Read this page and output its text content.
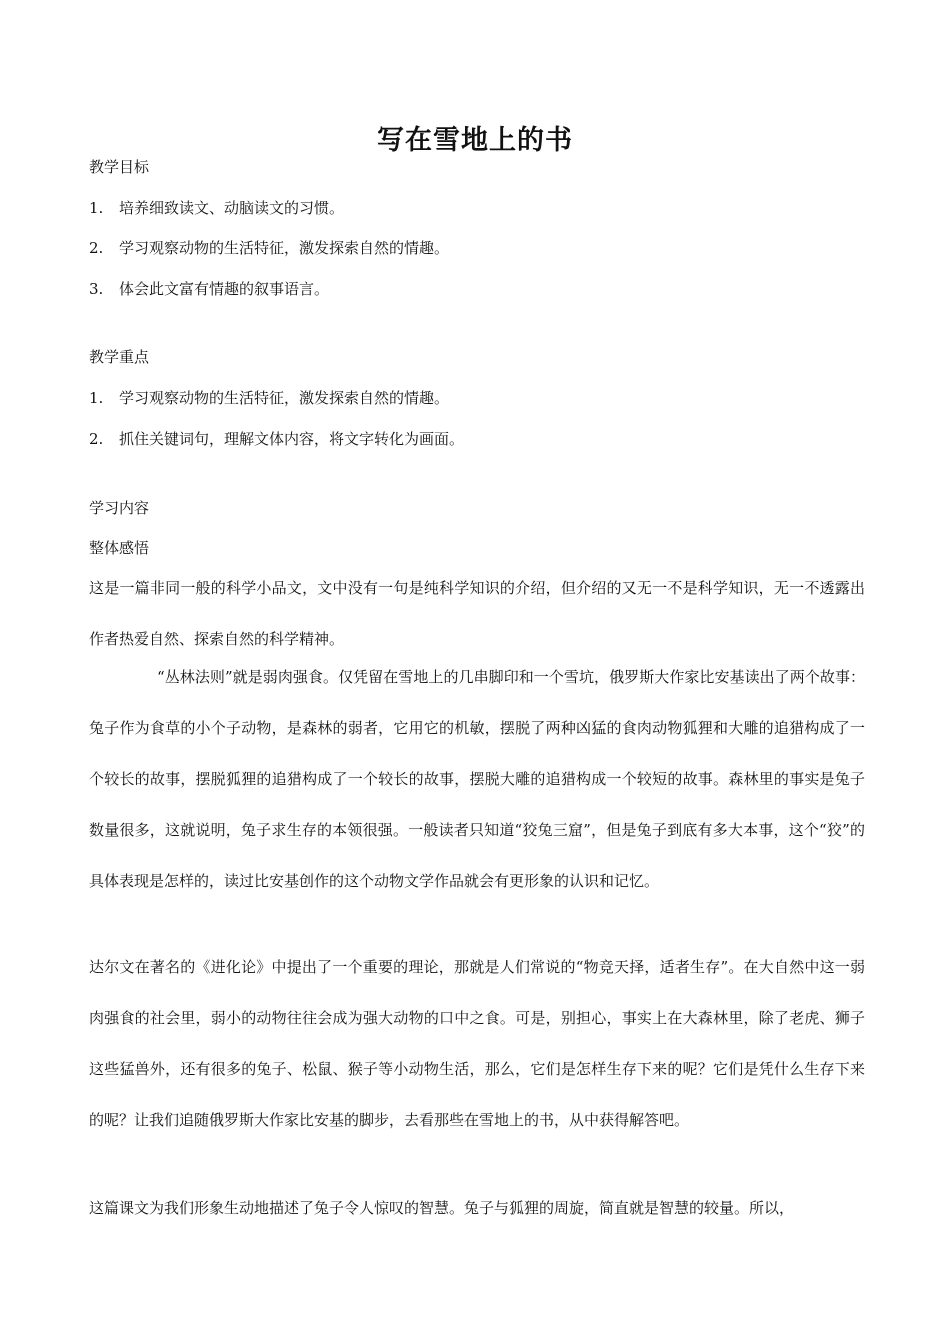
写在雪地上的书
教学目标
1. 培养细致读文、动脑读文的习惯。
2. 学习观察动物的生活特征，激发探索自然的情趣。
3. 体会此文富有情趣的叙事语言。
教学重点
1. 学习观察动物的生活特征，激发探索自然的情趣。
2. 抓住关键词句，理解文体内容，将文字转化为画面。
学习内容
整体感悟

这是一篇非同一般的科学小品文，文中没有一句是纯科学知识的介绍，但介绍的又无一不是科学知识，无一不透露出作者热爱自然、探索自然的科学精神。

“丛林法则”就是弱肉强食。仅凭留在雪地上的几串脚印和一个雪坑，俄罗斯大作家比安基读出了两个故事：兔子作为食草的小个子动物，是森林的弱者，它用它的机敏，摆脱了两种凶猛的食肉动物狐狸和大雕的追猎构成了一个较长的故事，摆脱狐狸的追猎构成了一个较长的故事，摆脱大雕的追猎构成一个较短的故事。森林里的事实是兔子数量很多，这就说明，兔子求生存的本领很强。一般读者只知道“狡兔三窟”，但是兔子到底有多大本事，这个“狡”的具体表现是怎样的，读过比安基创作的这个动物文学作品就会有更形象的认识和记忆。

达尔文在著名的《进化论》中提出了一个重要的理论，那就是人们常说的“物竞天择，适者生存”。在大自然中这一弱肉强食的社会里，弱小的动物往往会成为强大动物的口中之食。可是，别担心，事实上在大森林里，除了老虎、狮子这些猛兽外，还有很多的兔子、松鼠、猴子等小动物生活，那么，它们是怎样生存下来的呢？它们是凭什么生存下来的呢？让我们追随俄罗斯大作家比安基的脚步，去看那些在雪地上的书，从中获得解答吧。

这篇课文为我们形象生动地描述了兔子令人惊叹的智慧。兔子与狐狸的周旋，简直就是智慧的较量。所以，
